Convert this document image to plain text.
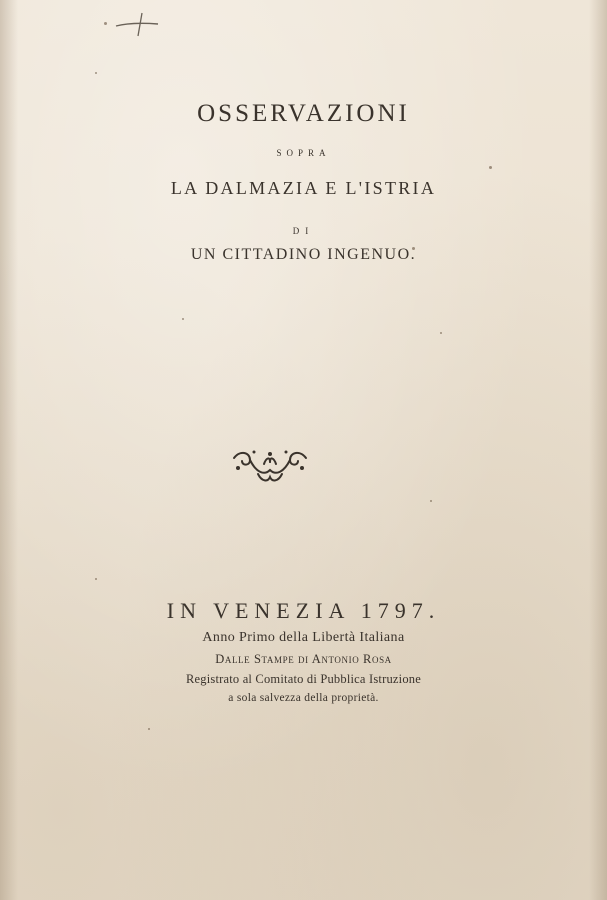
OSSERVAZIONI
SOPRA
LA DALMAZIA E L'ISTRIA
DI
UN CITTADINO INGENUO.
IN VENEZIA 1797.
Anno Primo della Libertà Italiana
Dalle Stampe di Antonio Rosa
Registrato al Comitato di Pubblica Istruzione
a sola salvezza della proprietà.
